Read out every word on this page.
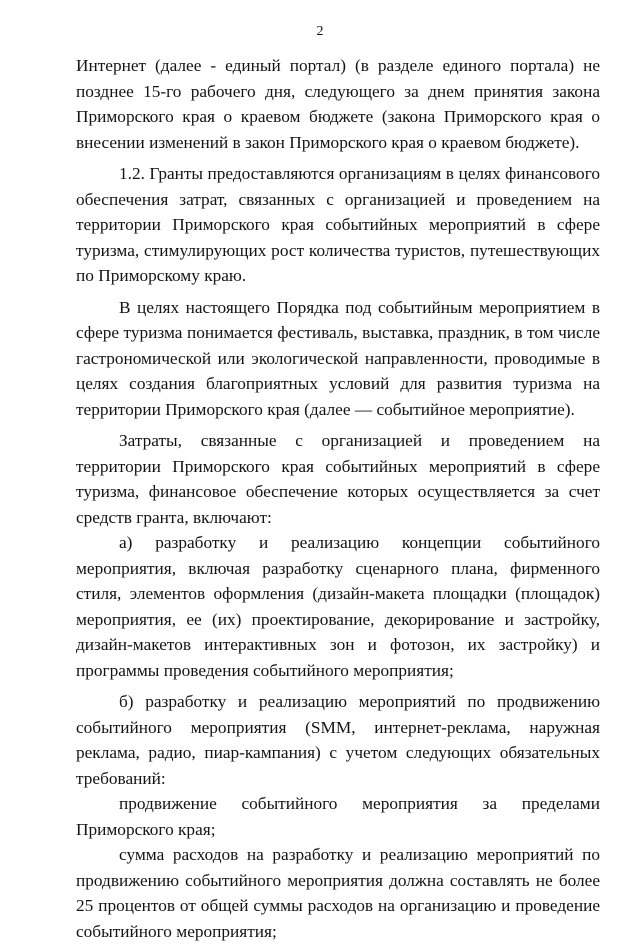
2

Интернет (далее - единый портал) (в разделе единого портала) не позднее 15-го рабочего дня, следующего за днем принятия закона Приморского края о краевом бюджете (закона Приморского края о внесении изменений в закон Приморского края о краевом бюджете).

1.2. Гранты предоставляются организациям в целях финансового обеспечения затрат, связанных с организацией и проведением на территории Приморского края событийных мероприятий в сфере туризма, стимулирующих рост количества туристов, путешествующих по Приморскому краю.

В целях настоящего Порядка под событийным мероприятием в сфере туризма понимается фестиваль, выставка, праздник, в том числе гастрономической или экологической направленности, проводимые в целях создания благоприятных условий для развития туризма на территории Приморского края (далее — событийное мероприятие).

Затраты, связанные с организацией и проведением на территории Приморского края событийных мероприятий в сфере туризма, финансовое обеспечение которых осуществляется за счет средств гранта, включают:

а) разработку и реализацию концепции событийного мероприятия, включая разработку сценарного плана, фирменного стиля, элементов оформления (дизайн-макета площадки (площадок) мероприятия, ее (их) проектирование, декорирование и застройку, дизайн-макетов интерактивных зон и фотозон, их застройку) и программы проведения событийного мероприятия;

б) разработку и реализацию мероприятий по продвижению событийного мероприятия (SMM, интернет-реклама, наружная реклама, радио, пиар-кампания) с учетом следующих обязательных требований:

продвижение событийного мероприятия за пределами Приморского края;

сумма расходов на разработку и реализацию мероприятий по продвижению событийного мероприятия должна составлять не более 25 процентов от общей суммы расходов на организацию и проведение событийного мероприятия;
